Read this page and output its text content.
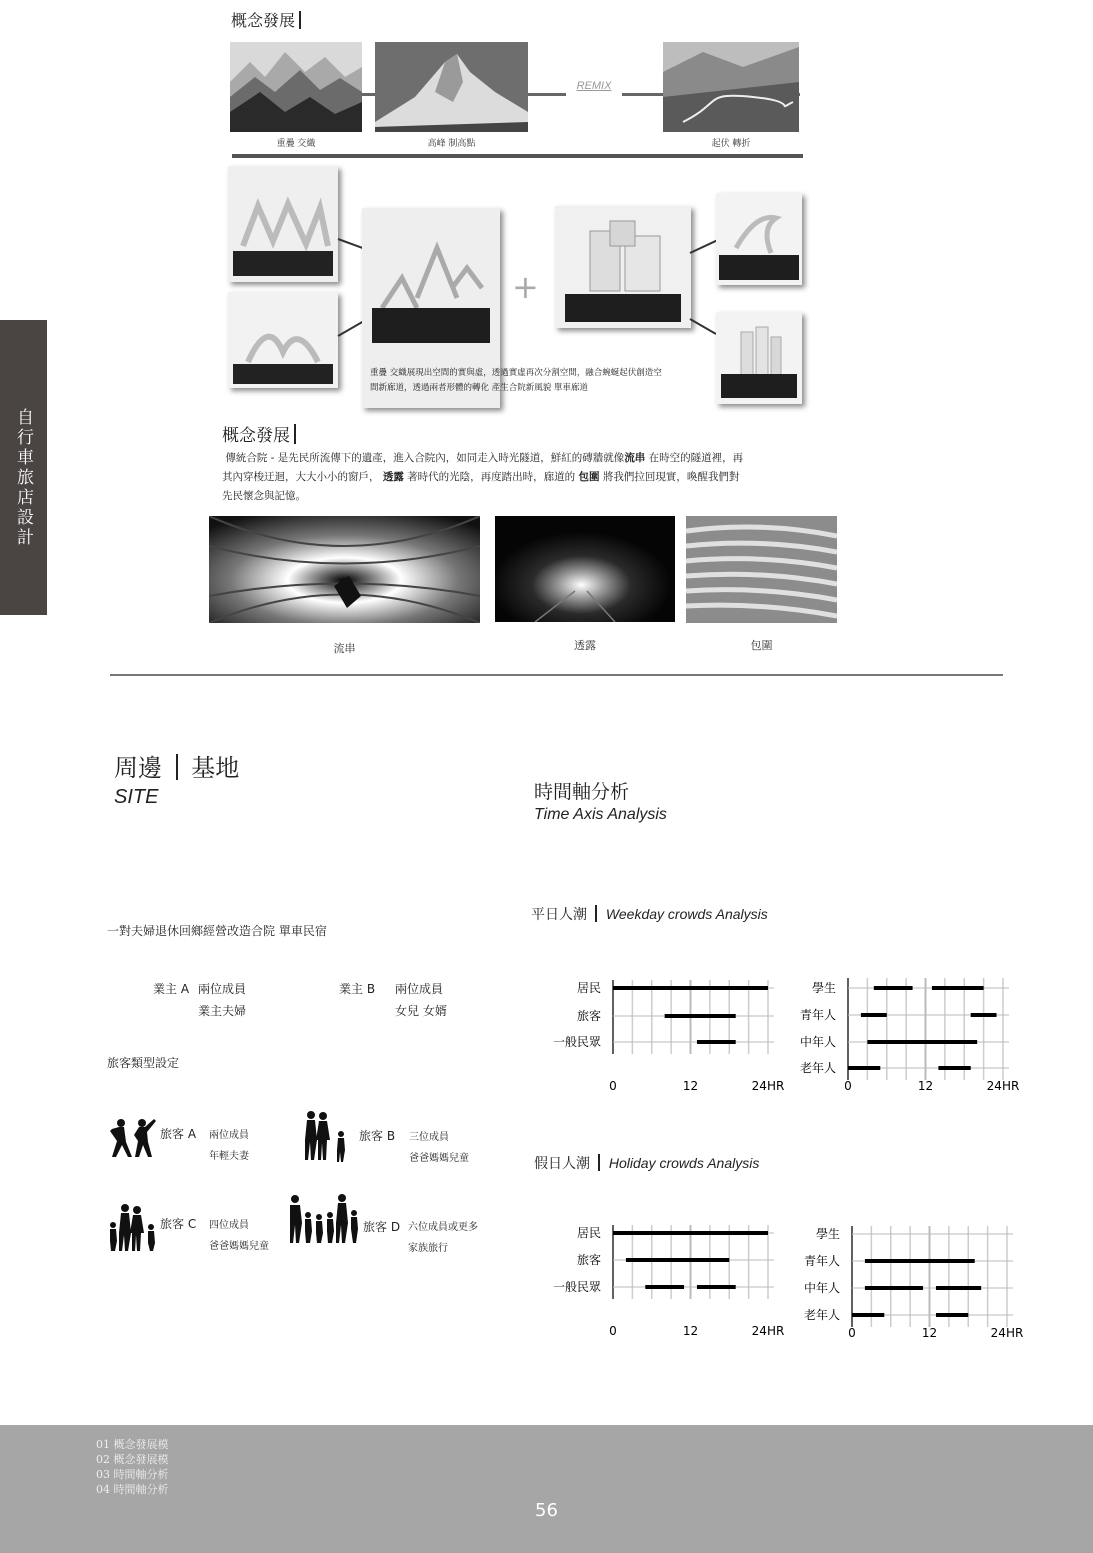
自行車旅店設計
概念發展
REMIX
重疊 交織	高峰 制高點	起伏 轉折
+
重疊 交織展現出空間的實與虛，透過實虛再次分割空間，融合蜿蜒起伏創造空間新廊道，透過兩者形體的轉化 產生合院新風貌 單車廊道
概念發展
傳統合院 - 是先民所流傳下的遺產，進入合院內，如同走入時光隧道，鮮紅的磚牆就像流串 在時空的隧道裡，再
其內穿梭迂迴，大大小小的窗戶， 透露 著時代的光陰，再度踏出時，廊道的 包圍 將我們拉回現實，喚醒我們對
先民懷念與記憶。
流串	透露	包圍
周邊 基地
SITE
一對夫婦退休回鄉經營改造合院 單車民宿
業主 A 兩位成員
業主夫婦
業主 B 兩位成員
女兒 女婿
旅客類型設定
旅客 A 兩位成員
年輕夫妻
旅客 B 三位成員
爸爸媽媽兒童
旅客 C 四位成員
爸爸媽媽兒童
旅客 D 六位成員或更多
家族旅行
時間軸分析
Time Axis Analysis
平日人潮 Weekday crowds Analysis
假日人潮 Holiday crowds Analysis
居民
旅客
一般民眾
0	12	24HR
學生
青年人
中年人
老年人
0	12	24HR
居民
旅客
一般民眾
0	12	24HR
學生
青年人
中年人
老年人
0	12	24HR
01 概念發展模
02 概念發展模
03 時間軸分析
04 時間軸分析
56
